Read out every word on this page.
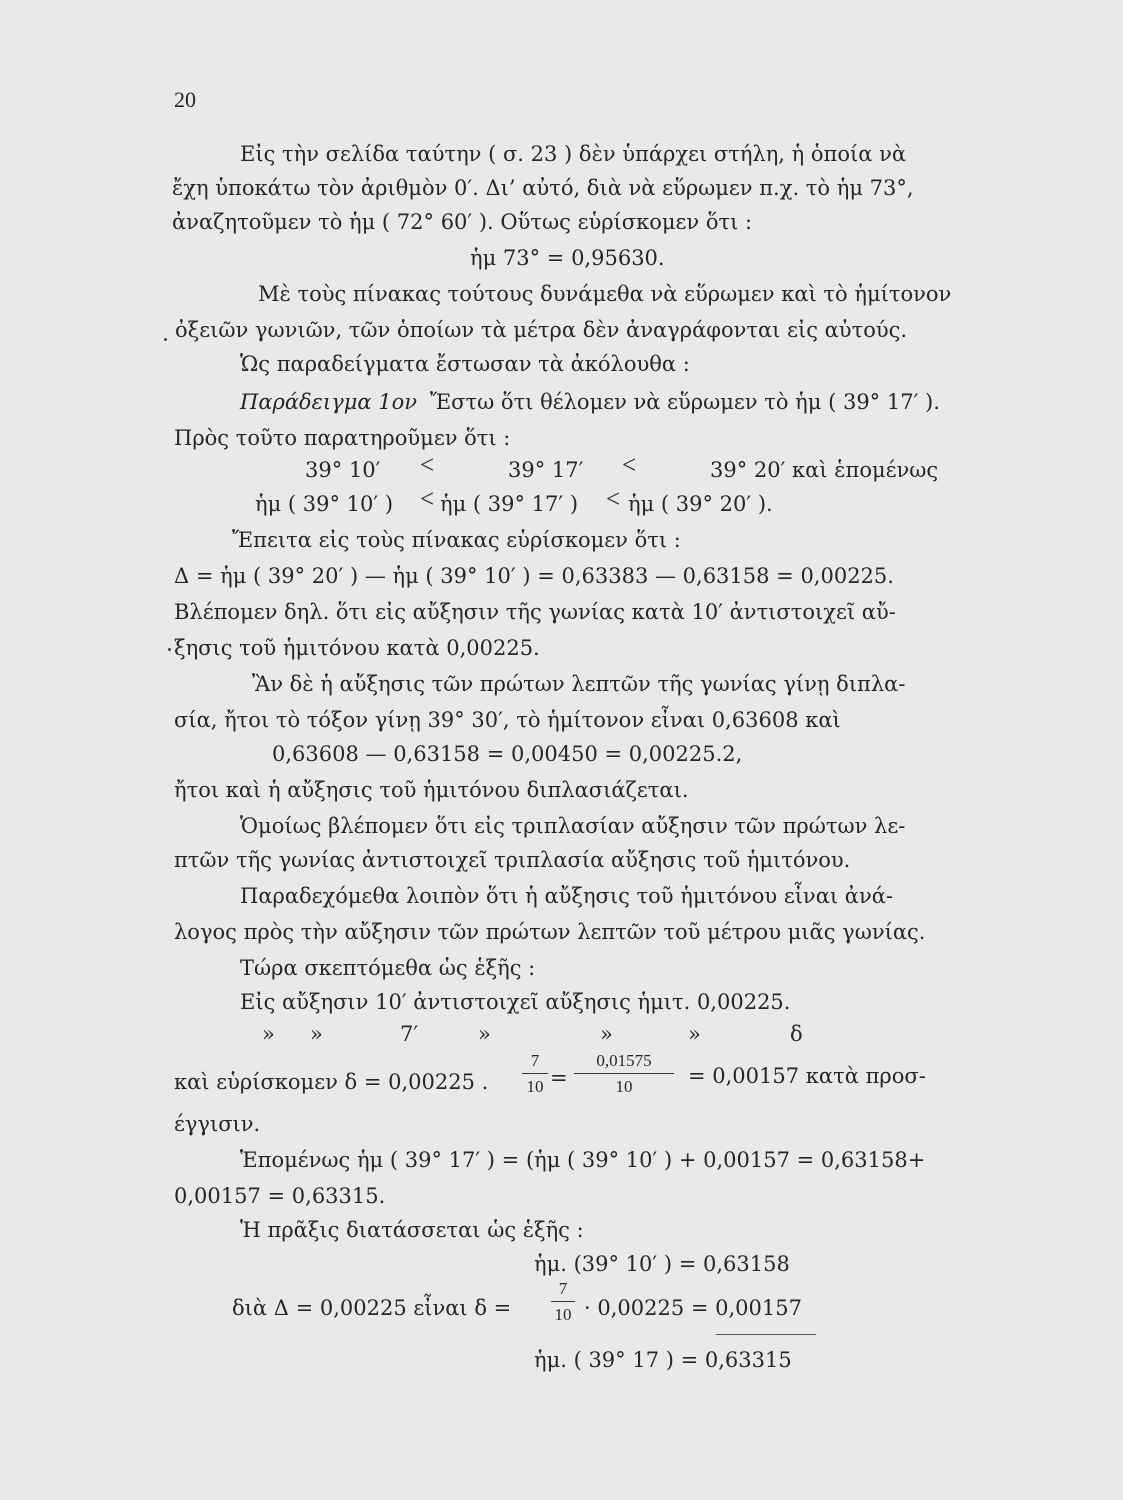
20
Εἰς τὴν σελίδα ταύτην ( σ. 23 ) δὲν ὑπάρχει στήλη, ἡ ὁποία νὰ
ἔχη ὑποκάτω τὸν ἀριθμὸν 0′. Δι’ αὐτό, διὰ νὰ εὕρωμεν π.χ. τὸ ἡμ 73°,
ἀναζητοῦμεν τὸ ἡμ ( 72° 60′ ). Οὕτως εὑρίσκομεν ὅτι :
ἡμ 73° = 0,95630.
Μὲ τοὺς πίνακας τούτους δυνάμεθα νὰ εὕρωμεν καὶ τὸ ἡμίτονον
ὀξειῶν γωνιῶν, τῶν ὁποίων τὰ μέτρα δὲν ἀναγράφονται εἰς αὐτούς.
Ὡς παραδείγματα ἔστωσαν τὰ ἀκόλουθα :
Παράδειγμα 1ον Ἔστω ὅτι θέλομεν νὰ εὕρωμεν τὸ ἡμ ( 39° 17′ ).
Πρὸς τοῦτο παρατηροῦμεν ὅτι :
39° 10′ <	39° 17′ <	39° 20′ καὶ ἑπομένως
ἡμ ( 39° 10′ ) < ἡμ ( 39° 17′ ) < ἡμ ( 39° 20′ ).
Ἔπειτα εἰς τοὺς πίνακας εὑρίσκομεν ὅτι :
Δ = ἡμ ( 39° 20′ ) — ἡμ ( 39° 10′ ) = 0,63383 — 0,63158 = 0,00225.
Βλέπομεν δηλ. ὅτι εἰς αὔξησιν τῆς γωνίας κατὰ 10′ ἀντιστοιχεῖ αὔ-
ξησις τοῦ ἡμιτόνου κατὰ 0,00225.
Ἂν δὲ ἡ αὔξησις τῶν πρώτων λεπτῶν τῆς γωνίας γίνῃ διπλα-
σία, ἤτοι τὸ τόξον γίνῃ 39° 30′, τὸ ἡμίτονον εἶναι 0,63608 καὶ
0,63608 — 0,63158 = 0,00450 = 0,00225.2,
ἤτοι καὶ ἡ αὔξησις τοῦ ἡμιτόνου διπλασιάζεται.
Ὁμοίως βλέπομεν ὅτι εἰς τριπλασίαν αὔξησιν τῶν πρώτων λε-
πτῶν τῆς γωνίας ἀντιστοιχεῖ τριπλασία αὔξησις τοῦ ἡμιτόνου.
Παραδεχόμεθα λοιπὸν ὅτι ἡ αὔξησις τοῦ ἡμιτόνου εἶναι ἀνά-
λογος πρὸς τὴν αὔξησιν τῶν πρώτων λεπτῶν τοῦ μέτρου μιᾶς γωνίας.
Τώρα σκεπτόμεθα ὡς ἑξῆς :
Εἰς αὔξησιν 10′ ἀντιστοιχεῖ αὔξησις ἡμιτ. 0,00225.
» »	7′	»	»	»	δ
καὶ εὑρίσκομεν δ = 0,00225 .
7
10 =
0,01575
10	= 0,00157 κατὰ προσ-
έγγισιν.
Ἑπομένως ἡμ ( 39° 17′ ) = (ἡμ ( 39° 10′ ) + 0,00157 = 0,63158+
0,00157 = 0,63315.
Ἡ πρᾶξις διατάσσεται ὡς ἑξῆς :
ἡμ. (39° 10′ ) = 0,63158
διὰ Δ = 0,00225 εἶναι δ =
7
10 · 0,00225 = 0,00157
ἡμ. ( 39° 17 ) = 0,63315
